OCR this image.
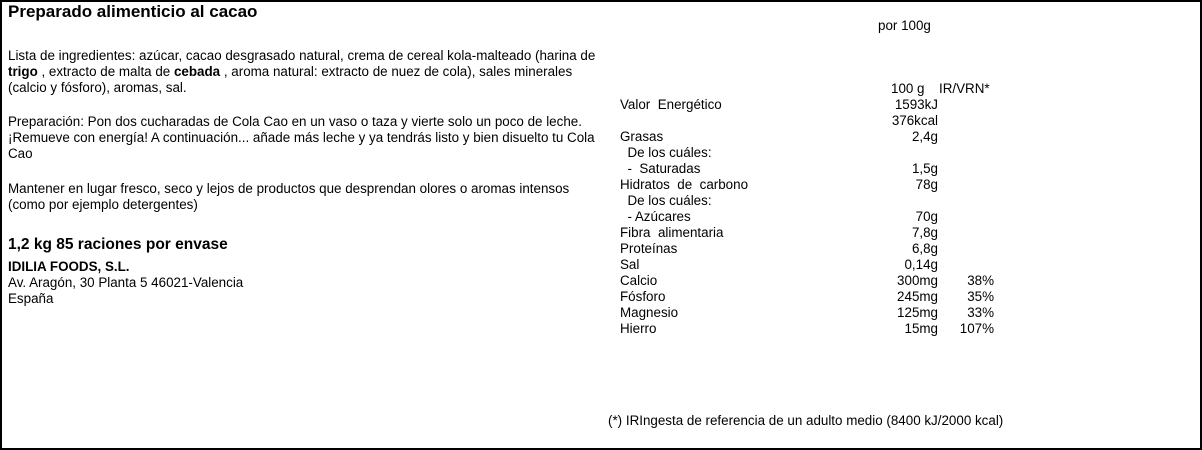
Preparado alimenticio al cacao

Lista de ingredientes: azúcar, cacao desgrasado natural, crema de cereal kola-malteado (harina de trigo , extracto de malta de cebada , aroma natural: extracto de nuez de cola), sales minerales (calcio y fósforo), aromas, sal.

Preparación: Pon dos cucharadas de Cola Cao en un vaso o taza y vierte solo un poco de leche.¡Remueve con energía! A continuación... añade más leche y ya tendrás listo y bien disuelto tu Cola Cao

Mantener en lugar fresco, seco y lejos de productos que desprendan olores o aromas intensos (como por ejemplo detergentes)

1,2 kg 85 raciones por envase

IDILIA FOODS, S.L.

Av. Aragón, 30 Planta 5 46021-Valencia

España

por 100g
100 g IR/VRN*
Valor  Energético	1593kJ
376kcal
Grasas	2,4g
De los cuáles:
-  Saturadas	1,5g
Hidratos  de  carbono	78g
De los cuáles:
- Azúcares	70g
Fibra  alimentaria	7,8g
Proteínas	6,8g
Sal	0,14g
Calcio	300mg	38%
Fósforo	245mg	35%
Magnesio	125mg	33%
Hierro	15mg	107%
(*) IRIngesta de referencia de un adulto medio (8400 kJ/2000 kcal)
